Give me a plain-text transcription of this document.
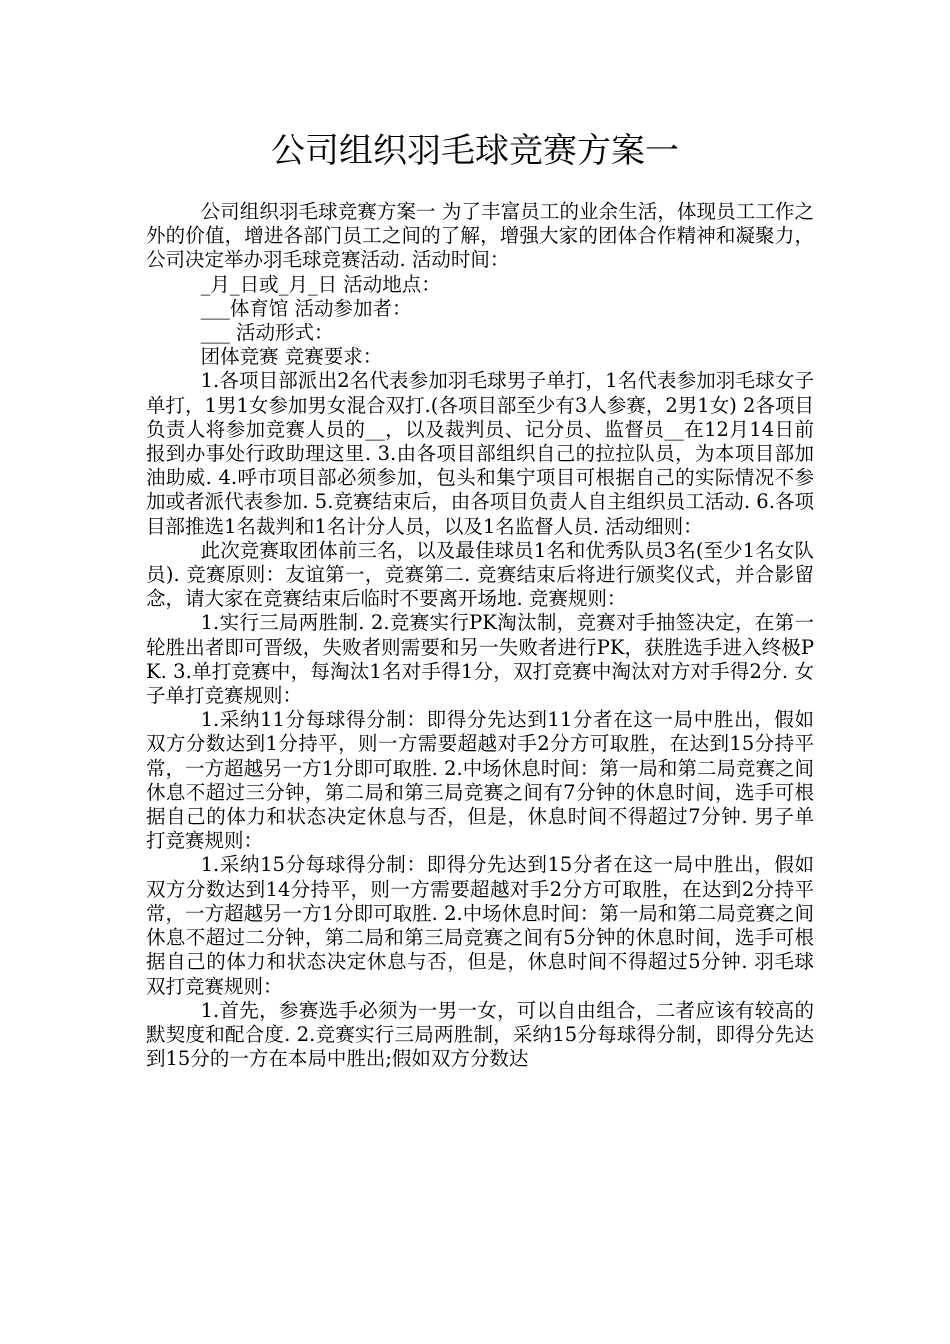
公司组织羽毛球竞赛方案一

公司组织羽毛球竞赛方案一 为了丰富员工的业余生活，体现员工工作之外的价值，增进各部门员工之间的了解，增强大家的团体合作精神和凝聚力，公司决定举办羽毛球竞赛活动. 活动时间：

_月_日或_月_日 活动地点：

___体育馆 活动参加者：

___ 活动形式：

团体竞赛 竞赛要求：

1.各项目部派出2名代表参加羽毛球男子单打，1名代表参加羽毛球女子单打，1男1女参加男女混合双打.(各项目部至少有3人参赛，2男1女) 2各项目负责人将参加竞赛人员的__，以及裁判员、记分员、监督员__在12月14日前报到办事处行政助理这里. 3.由各项目部组织自己的拉拉队员，为本项目部加油助威. 4.呼市项目部必须参加，包头和集宁项目可根据自己的实际情况不参加或者派代表参加. 5.竞赛结束后，由各项目负责人自主组织员工活动. 6.各项目部推选1名裁判和1名计分人员，以及1名监督人员. 活动细则：

此次竞赛取团体前三名，以及最佳球员1名和优秀队员3名(至少1名女队员). 竞赛原则：友谊第一，竞赛第二. 竞赛结束后将进行颁奖仪式，并合影留念，请大家在竞赛结束后临时不要离开场地. 竞赛规则：

1.实行三局两胜制. 2.竞赛实行PK淘汰制，竞赛对手抽签决定，在第一轮胜出者即可晋级，失败者则需要和另一失败者进行PK，获胜选手进入终极PK. 3.单打竞赛中，每淘汰1名对手得1分，双打竞赛中淘汰对方对手得2分. 女子单打竞赛规则：

1.采纳11分每球得分制：即得分先达到11分者在这一局中胜出，假如双方分数达到1分持平，则一方需要超越对手2分方可取胜，在达到15分持平常，一方超越另一方1分即可取胜. 2.中场休息时间：第一局和第二局竞赛之间休息不超过三分钟，第二局和第三局竞赛之间有7分钟的休息时间，选手可根据自己的体力和状态决定休息与否，但是，休息时间不得超过7分钟. 男子单打竞赛规则：

1.采纳15分每球得分制：即得分先达到15分者在这一局中胜出，假如双方分数达到14分持平，则一方需要超越对手2分方可取胜，在达到2分持平常，一方超越另一方1分即可取胜. 2.中场休息时间：第一局和第二局竞赛之间休息不超过二分钟，第二局和第三局竞赛之间有5分钟的休息时间，选手可根据自己的体力和状态决定休息与否，但是，休息时间不得超过5分钟. 羽毛球双打竞赛规则：

1.首先，参赛选手必须为一男一女，可以自由组合，二者应该有较高的默契度和配合度. 2.竞赛实行三局两胜制，采纳15分每球得分制，即得分先达到15分的一方在本局中胜出;假如双方分数达
